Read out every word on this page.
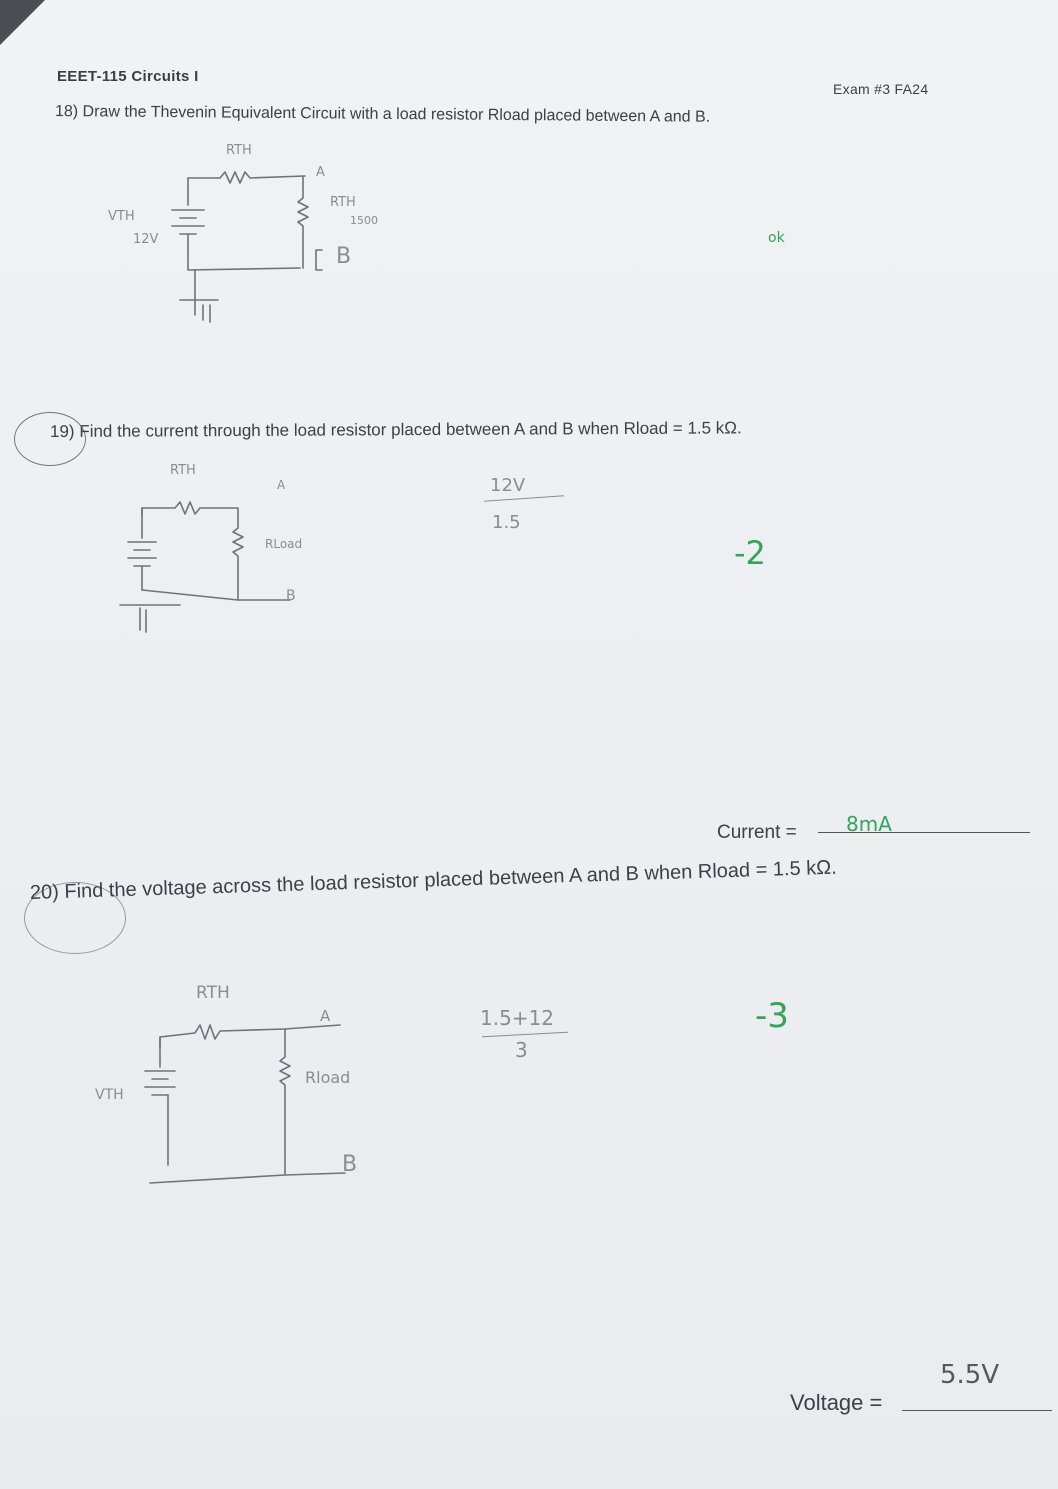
EEET-115 Circuits I
Exam #3 FA24
18) Draw the Thevenin Equivalent Circuit with a load resistor Rload placed between A and B.
RTH
VTH
12V
A
RTH
1500
B
ok
19) Find the current through the load resistor placed between A and B when Rload = 1.5 kΩ.
RTH
A
RLoad
B
12V
1.5
-2
Current = 8mA
20) Find the voltage across the load resistor placed between A and B when Rload = 1.5 kΩ.
RTH
A
VTH
Rload
B
1.5+12
3
-3
Voltage =
5.5V
